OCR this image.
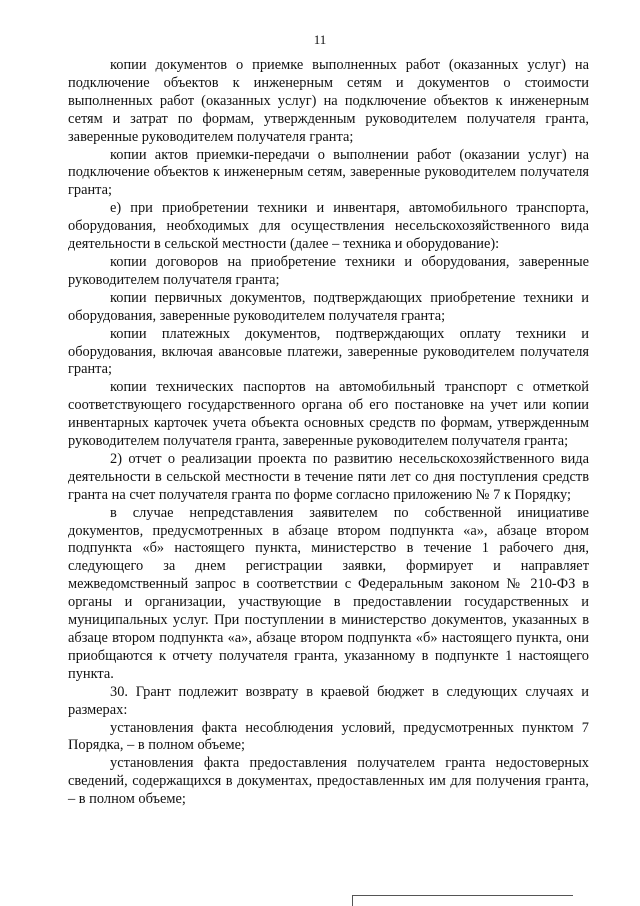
11

копии документов о приемке выполненных работ (оказанных услуг) на подключение объектов к инженерным сетям и документов о стоимости выполненных работ (оказанных услуг) на подключение объектов к инженерным сетям и затрат по формам, утвержденным руководителем получателя гранта, заверенные руководителем получателя гранта;

копии актов приемки-передачи о выполнении работ (оказании услуг) на подключение объектов к инженерным сетям, заверенные руководителем получателя гранта;

е) при приобретении техники и инвентаря, автомобильного транспорта, оборудования, необходимых для осуществления несельскохозяйственного вида деятельности в сельской местности (далее – техника и оборудование):

копии договоров на приобретение техники и оборудования, заверенные руководителем получателя гранта;

копии первичных документов, подтверждающих приобретение техники и оборудования, заверенные руководителем получателя гранта;

копии платежных документов, подтверждающих оплату техники и оборудования, включая авансовые платежи, заверенные руководителем получателя гранта;

копии технических паспортов на автомобильный транспорт с отметкой соответствующего государственного органа об его постановке на учет или копии инвентарных карточек учета объекта основных средств по формам, утвержденным руководителем получателя гранта, заверенные руководителем получателя гранта;

2) отчет о реализации проекта по развитию несельскохозяйственного вида деятельности в сельской местности в течение пяти лет со дня поступления средств гранта на счет получателя гранта по форме согласно приложению № 7 к Порядку;

в случае непредставления заявителем по собственной инициативе документов, предусмотренных в абзаце втором подпункта «а», абзаце втором подпункта «б» настоящего пункта, министерство в течение 1 рабочего дня, следующего за днем регистрации заявки, формирует и направляет межведомственный запрос в соответствии с Федеральным законом № 210-ФЗ в органы и организации, участвующие в предоставлении государственных и муниципальных услуг. При поступлении в министерство документов, указанных в абзаце втором подпункта «а», абзаце втором подпункта «б» настоящего пункта, они приобщаются к отчету получателя гранта, указанному в подпункте 1 настоящего пункта.

30. Грант подлежит возврату в краевой бюджет в следующих случаях и размерах:

установления факта несоблюдения условий, предусмотренных пунктом 7 Порядка, – в полном объеме;

установления факта предоставления получателем гранта недостоверных сведений, содержащихся в документах, предоставленных им для получения гранта, – в полном объеме;
